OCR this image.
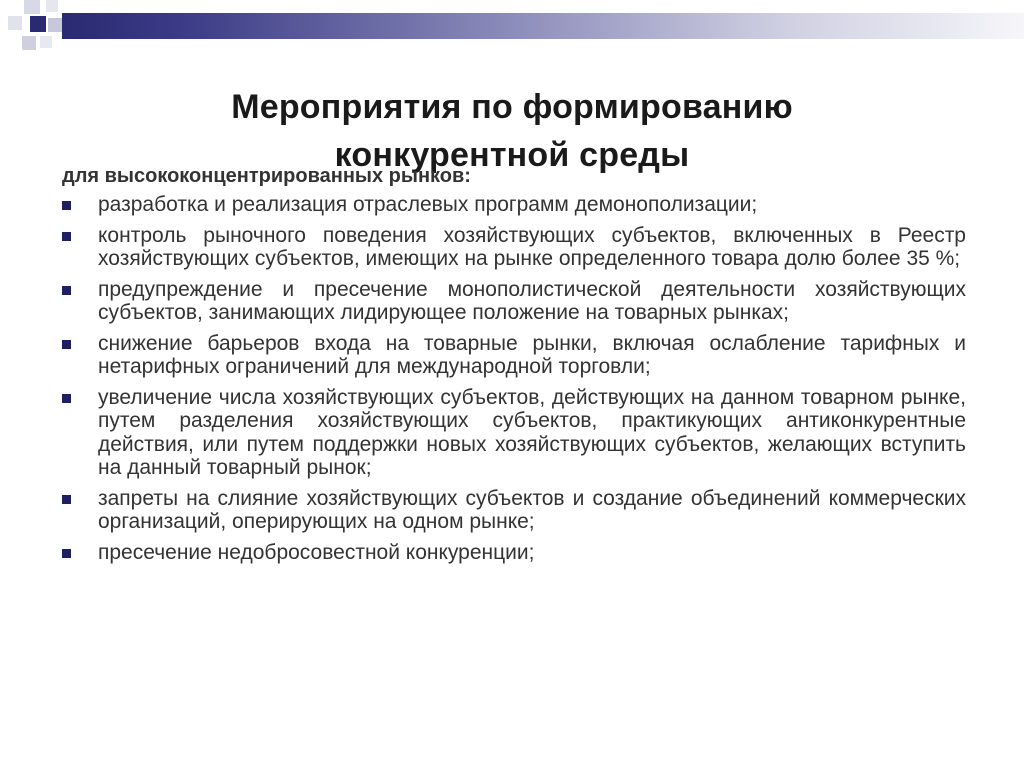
Мероприятия по формированию
конкурентной среды
для высококонцентрированных рынков:
разработка и реализация отраслевых программ демонополизации;
контроль рыночного поведения хозяйствующих субъектов, включенных в Реестр хозяйствующих субъектов, имеющих на рынке определенного товара долю более 35 %;
предупреждение и пресечение монополистической деятельности хозяйствующих субъектов, занимающих лидирующее положение на товарных рынках;
снижение барьеров входа на товарные рынки, включая ослабление тарифных и нетарифных ограничений для международной торговли;
увеличение числа хозяйствующих субъектов, действующих на данном товарном рынке, путем разделения хозяйствующих субъектов, практикующих антиконкурентные действия, или путем поддержки новых хозяйствующих субъектов, желающих вступить на данный товарный рынок;
запреты на слияние хозяйствующих субъектов и создание объединений коммерческих организаций, оперирующих на одном рынке;
пресечение недобросовестной конкуренции;
